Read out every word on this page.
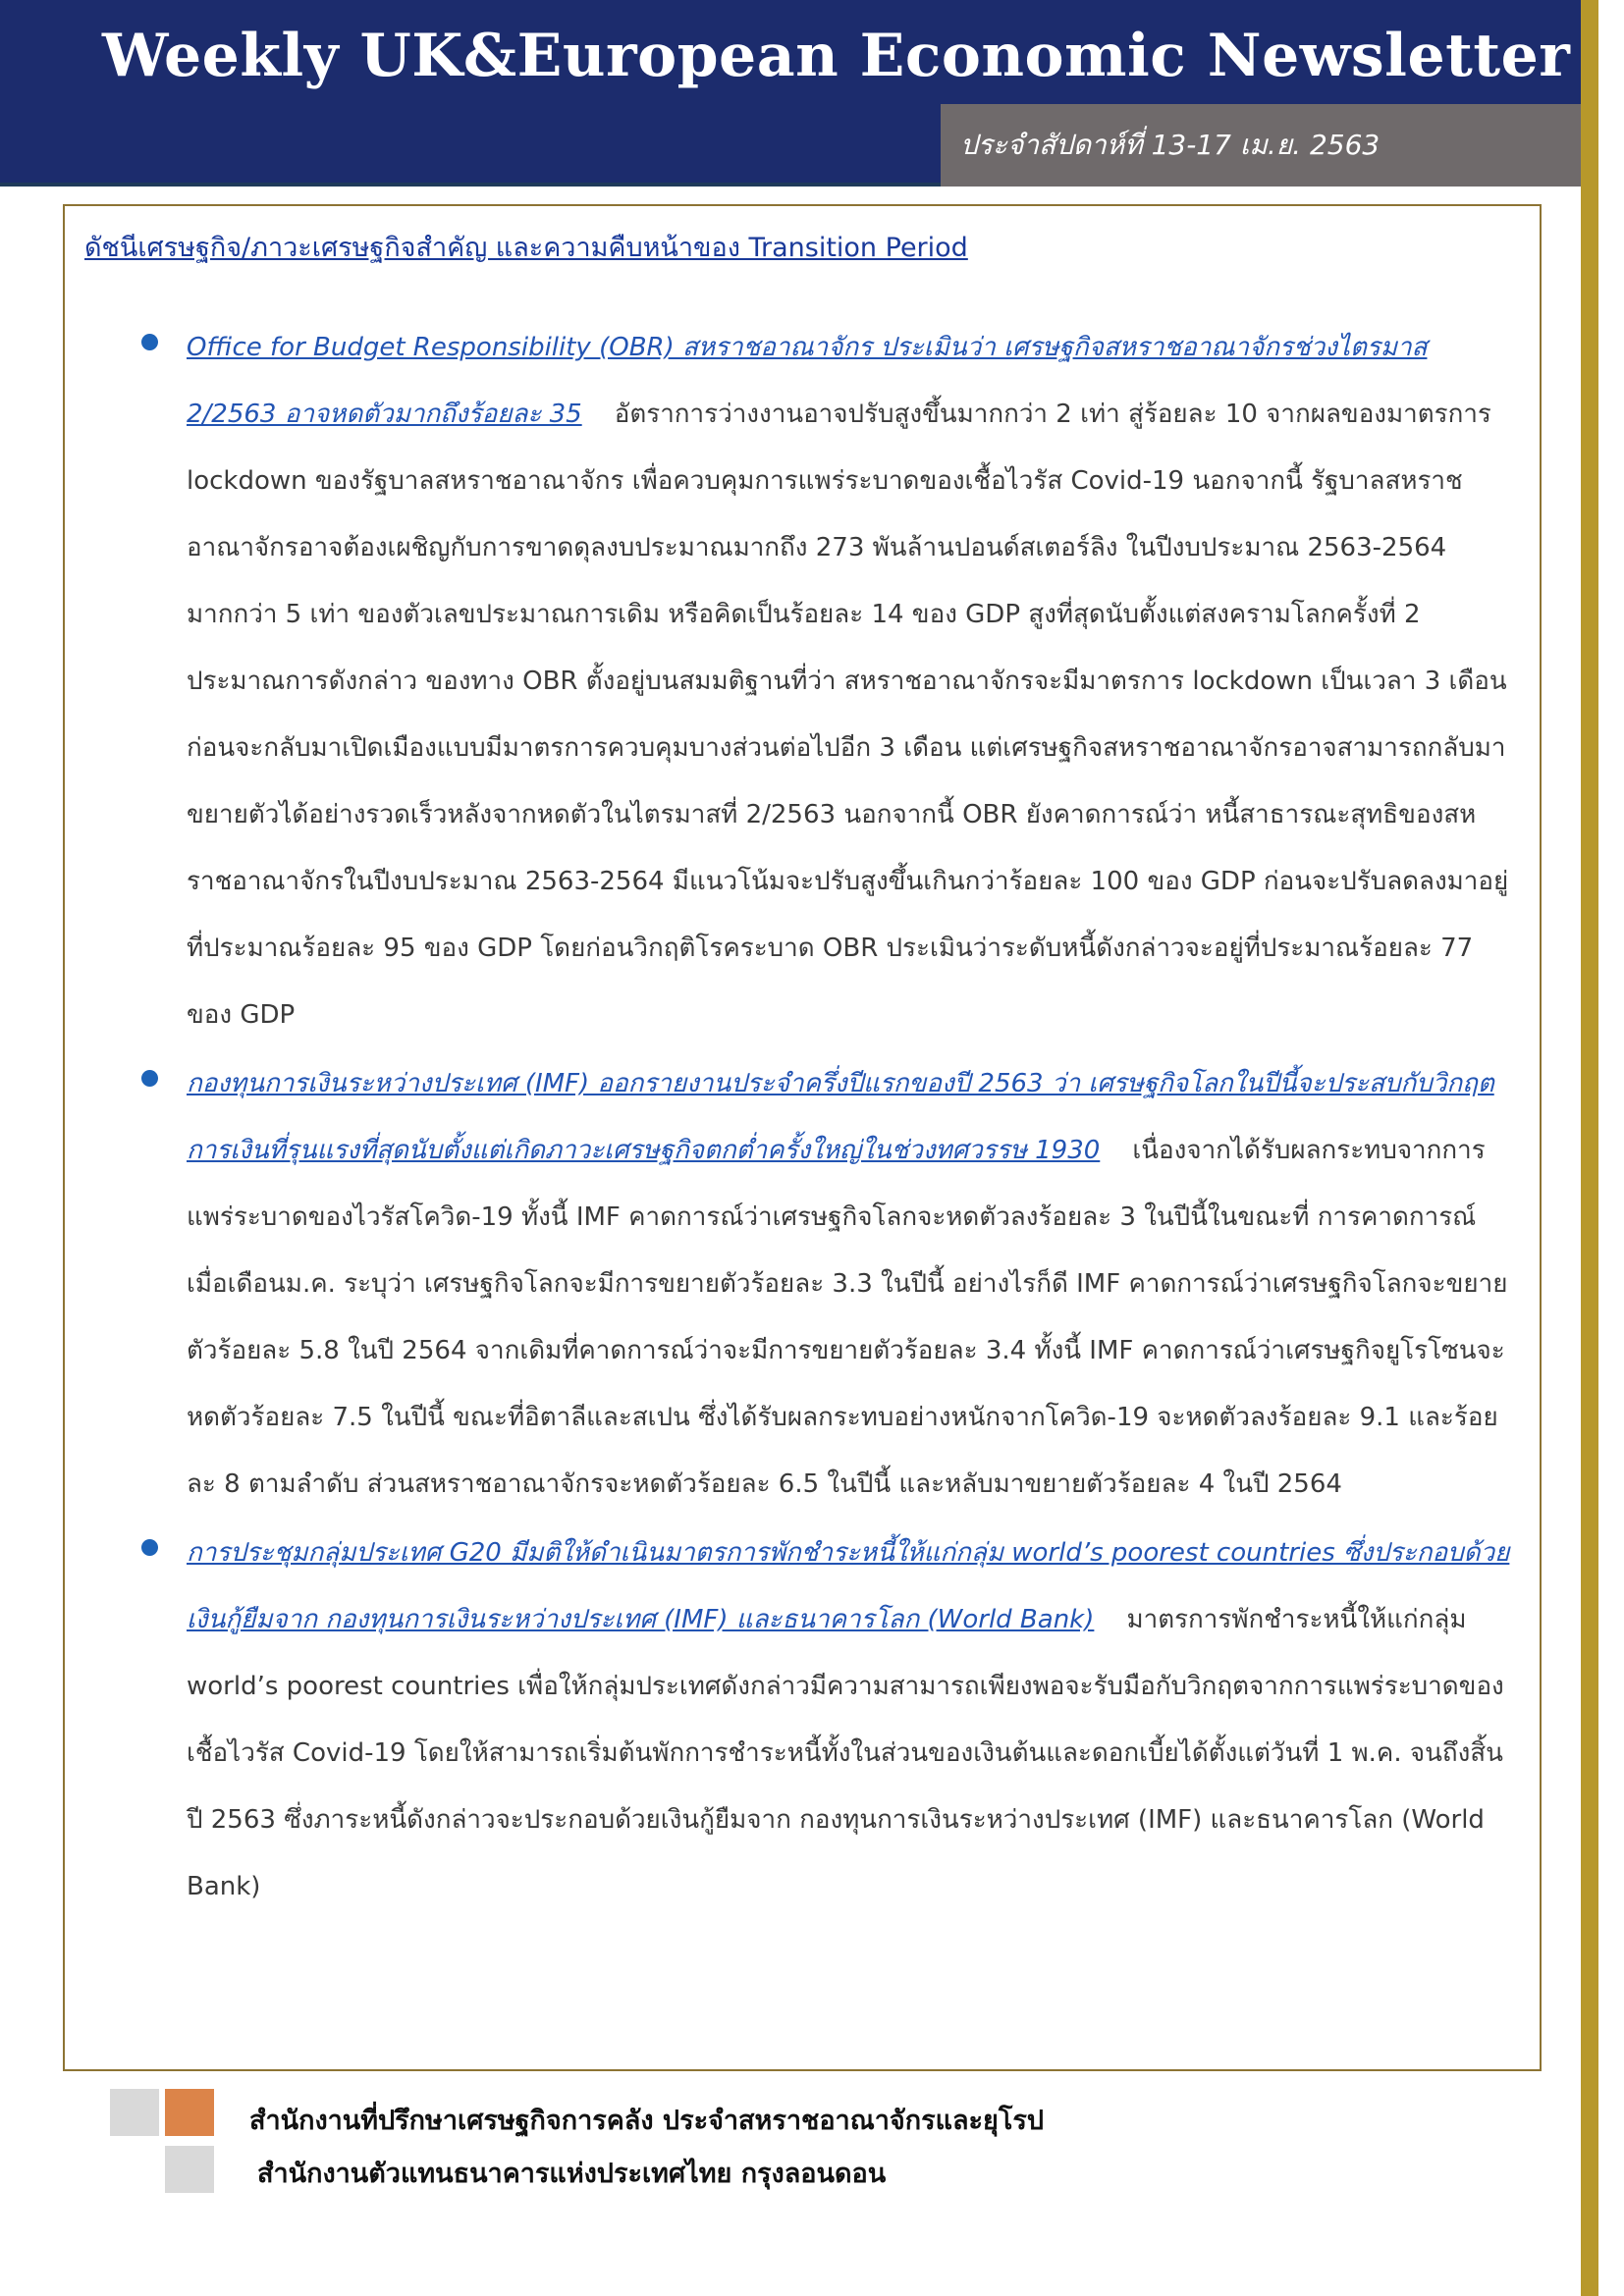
Weekly UK&European Economic Newsletter
ประจำสัปดาห์ที่ 13-17 เม.ย. 2563
ดัชนีเศรษฐกิจ/ภาวะเศรษฐกิจสำคัญ และความคืบหน้าของ Transition Period
Office for Budget Responsibility (OBR) สหราชอาณาจักร ประเมินว่า เศรษฐกิจสหราชอาณาจักรช่วงไตรมาส 2/2563 อาจหดตัวมากถึงร้อยละ 35 อัตราการว่างงานอาจปรับสูงขึ้นมากกว่า 2 เท่า สู่ร้อยละ 10 จากผลของมาตรการ lockdown ของรัฐบาลสหราชอาณาจักร เพื่อควบคุมการแพร่ระบาดของเชื้อไวรัส Covid-19 นอกจากนี้ รัฐบาลสหราชอาณาจักรอาจต้องเผชิญกับการขาดดุลงบประมาณมากถึง 273 พันล้านปอนด์สเตอร์ลิง ในปีงบประมาณ 2563-2564 มากกว่า 5 เท่า ของตัวเลขประมาณการเดิม หรือคิดเป็นร้อยละ 14 ของ GDP สูงที่สุดนับตั้งแต่สงครามโลกครั้งที่ 2 ประมาณการดังกล่าว ของทาง OBR ตั้งอยู่บนสมมติฐานที่ว่า สหราชอาณาจักรจะมีมาตรการ lockdown เป็นเวลา 3 เดือน ก่อนจะกลับมาเปิดเมืองแบบมีมาตรการควบคุมบางส่วนต่อไปอีก 3 เดือน แต่เศรษฐกิจสหราชอาณาจักรอาจสามารถกลับมาขยายตัวได้อย่างรวดเร็วหลังจากหดตัวในไตรมาสที่ 2/2563 นอกจากนี้ OBR ยังคาดการณ์ว่า หนี้สาธารณะสุทธิของสหราชอาณาจักรในปีงบประมาณ 2563-2564 มีแนวโน้มจะปรับสูงขึ้นเกินกว่าร้อยละ 100 ของ GDP ก่อนจะปรับลดลงมาอยู่ที่ประมาณร้อยละ 95 ของ GDP โดยก่อนวิกฤติโรคระบาด OBR ประเมินว่าระดับหนี้ดังกล่าวจะอยู่ที่ประมาณร้อยละ 77 ของ GDP
กองทุนการเงินระหว่างประเทศ (IMF) ออกรายงานประจำครึ่งปีแรกของปี 2563 ว่า เศรษฐกิจโลกในปีนี้จะประสบกับวิกฤตการเงินที่รุนแรงที่สุดนับตั้งแต่เกิดภาวะเศรษฐกิจตกต่ำครั้งใหญ่ในช่วงทศวรรษ 1930 เนื่องจากได้รับผลกระทบจากการแพร่ระบาดของไวรัสโควิด-19 ทั้งนี้ IMF คาดการณ์ว่าเศรษฐกิจโลกจะหดตัวลงร้อยละ 3 ในปีนี้ในขณะที่ การคาดการณ์เมื่อเดือนม.ค. ระบุว่า เศรษฐกิจโลกจะมีการขยายตัวร้อยละ 3.3 ในปีนี้ อย่างไรก็ดี IMF คาดการณ์ว่าเศรษฐกิจโลกจะขยายตัวร้อยละ 5.8 ในปี 2564 จากเดิมที่คาดการณ์ว่าจะมีการขยายตัวร้อยละ 3.4 ทั้งนี้ IMF คาดการณ์ว่าเศรษฐกิจยูโรโซนจะหดตัวร้อยละ 7.5 ในปีนี้ ขณะที่อิตาลีและสเปน ซึ่งได้รับผลกระทบอย่างหนักจากโควิด-19 จะหดตัวลงร้อยละ 9.1 และร้อยละ 8 ตามลำดับ ส่วนสหราชอาณาจักรจะหดตัวร้อยละ 6.5 ในปีนี้ และหลับมาขยายตัวร้อยละ 4 ในปี 2564
การประชุมกลุ่มประเทศ G20 มีมติให้ดำเนินมาตรการพักชำระหนี้ให้แก่กลุ่ม world’s poorest countries ซึ่งประกอบด้วยเงินกู้ยืมจาก กองทุนการเงินระหว่างประเทศ (IMF) และธนาคารโลก (World Bank) มาตรการพักชำระหนี้ให้แก่กลุ่ม world’s poorest countries เพื่อให้กลุ่มประเทศดังกล่าวมีความสามารถเพียงพอจะรับมือกับวิกฤตจากการแพร่ระบาดของเชื้อไวรัส Covid-19 โดยให้สามารถเริ่มต้นพักการชำระหนี้ทั้งในส่วนของเงินต้นและดอกเบี้ยได้ตั้งแต่วันที่ 1 พ.ค. จนถึงสิ้นปี 2563 ซึ่งภาระหนี้ดังกล่าวจะประกอบด้วยเงินกู้ยืมจาก กองทุนการเงินระหว่างประเทศ (IMF) และธนาคารโลก (World Bank)
สำนักงานที่ปรึกษาเศรษฐกิจการคลัง ประจำสหราชอาณาจักรและยุโรป
สำนักงานตัวแทนธนาคารแห่งประเทศไทย กรุงลอนดอน
